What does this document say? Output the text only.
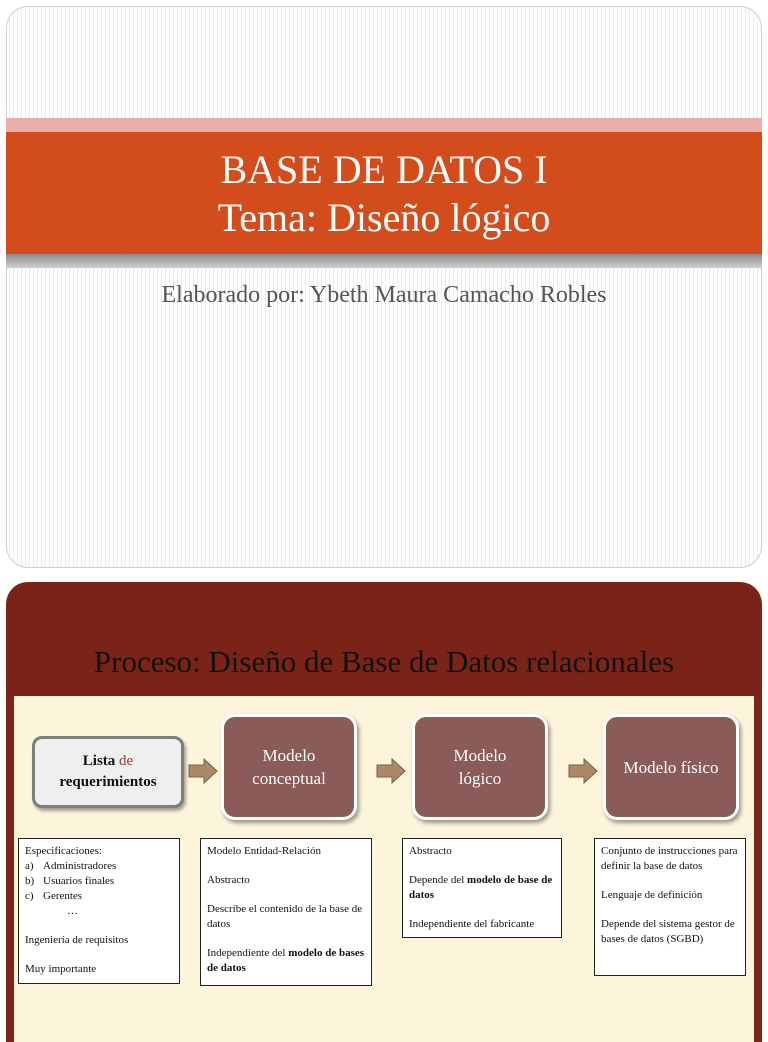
BASE DE DATOS I
Tema: Diseño lógico
Elaborado por: Ybeth Maura Camacho Robles
Proceso: Diseño de Base de Datos relacionales
Lista de
requerimientos
Modelo
conceptual
Modelo
lógico
Modelo físico
Especificaciones:
a) Administradores
b) Usuarios finales
c) Gerentes
…

Ingeniería de requisitos

Muy importante

Modelo Entidad-Relación

Abstracto

Describe el contenido de la base de datos

Independiente del modelo de bases de datos

Abstracto

Depende del modelo de base de datos

Independiente del fabricante

Conjunto de instrucciones para definir la base de datos

Lenguaje de definición

Depende del sistema gestor de bases de datos (SGBD)
